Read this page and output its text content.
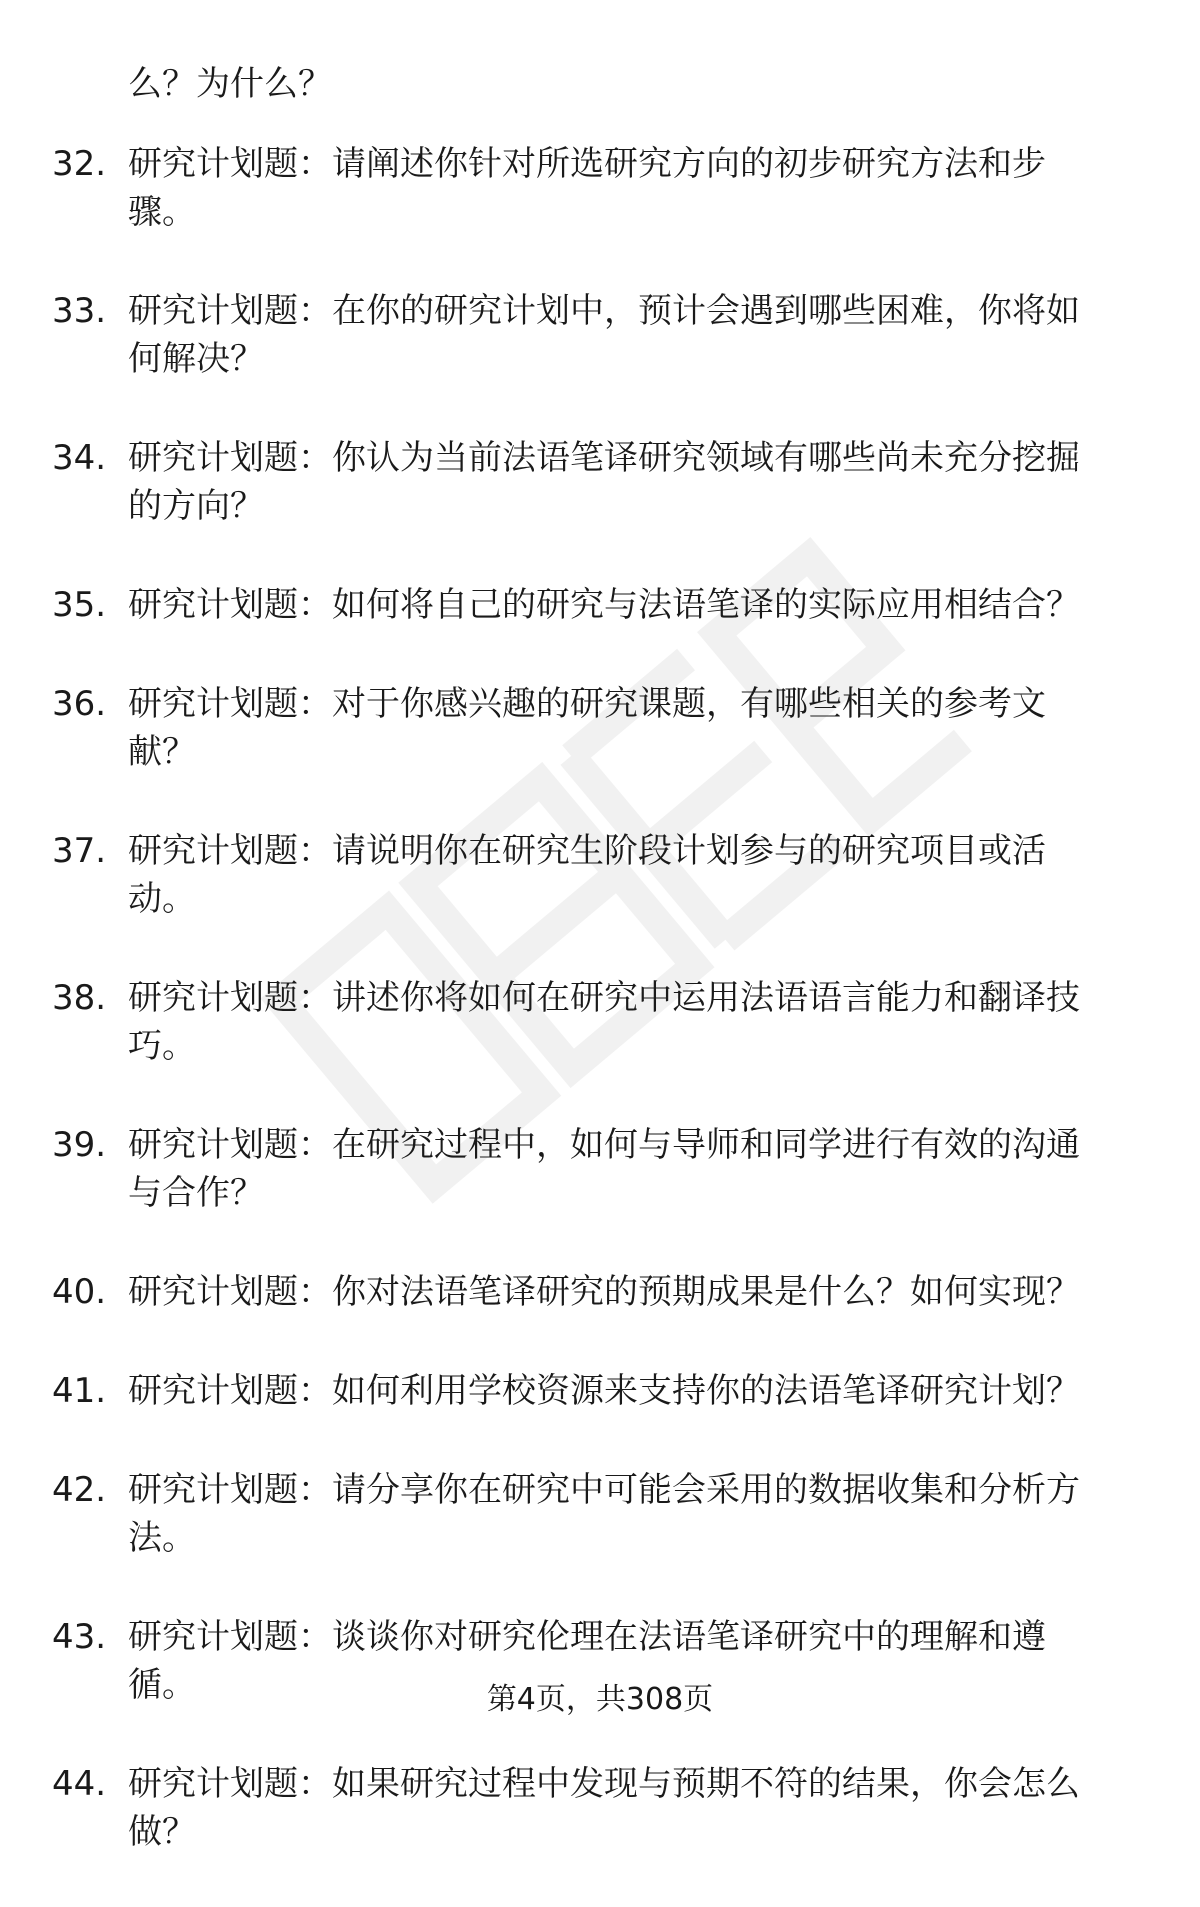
么？为什么？
32. 研究计划题：请阐述你针对所选研究方向的初步研究方法和步
骤。
33. 研究计划题：在你的研究计划中，预计会遇到哪些困难，你将如
何解决？
34. 研究计划题：你认为当前法语笔译研究领域有哪些尚未充分挖掘
的方向？
35. 研究计划题：如何将自己的研究与法语笔译的实际应用相结合？
36. 研究计划题：对于你感兴趣的研究课题，有哪些相关的参考文
献？
37. 研究计划题：请说明你在研究生阶段计划参与的研究项目或活
动。
38. 研究计划题：讲述你将如何在研究中运用法语语言能力和翻译技
巧。
39. 研究计划题：在研究过程中，如何与导师和同学进行有效的沟通
与合作？
40. 研究计划题：你对法语笔译研究的预期成果是什么？如何实现？
41. 研究计划题：如何利用学校资源来支持你的法语笔译研究计划？
42. 研究计划题：请分享你在研究中可能会采用的数据收集和分析方
法。
43. 研究计划题：谈谈你对研究伦理在法语笔译研究中的理解和遵
循。
44. 研究计划题：如果研究过程中发现与预期不符的结果，你会怎么
做？
第4页，共308页
